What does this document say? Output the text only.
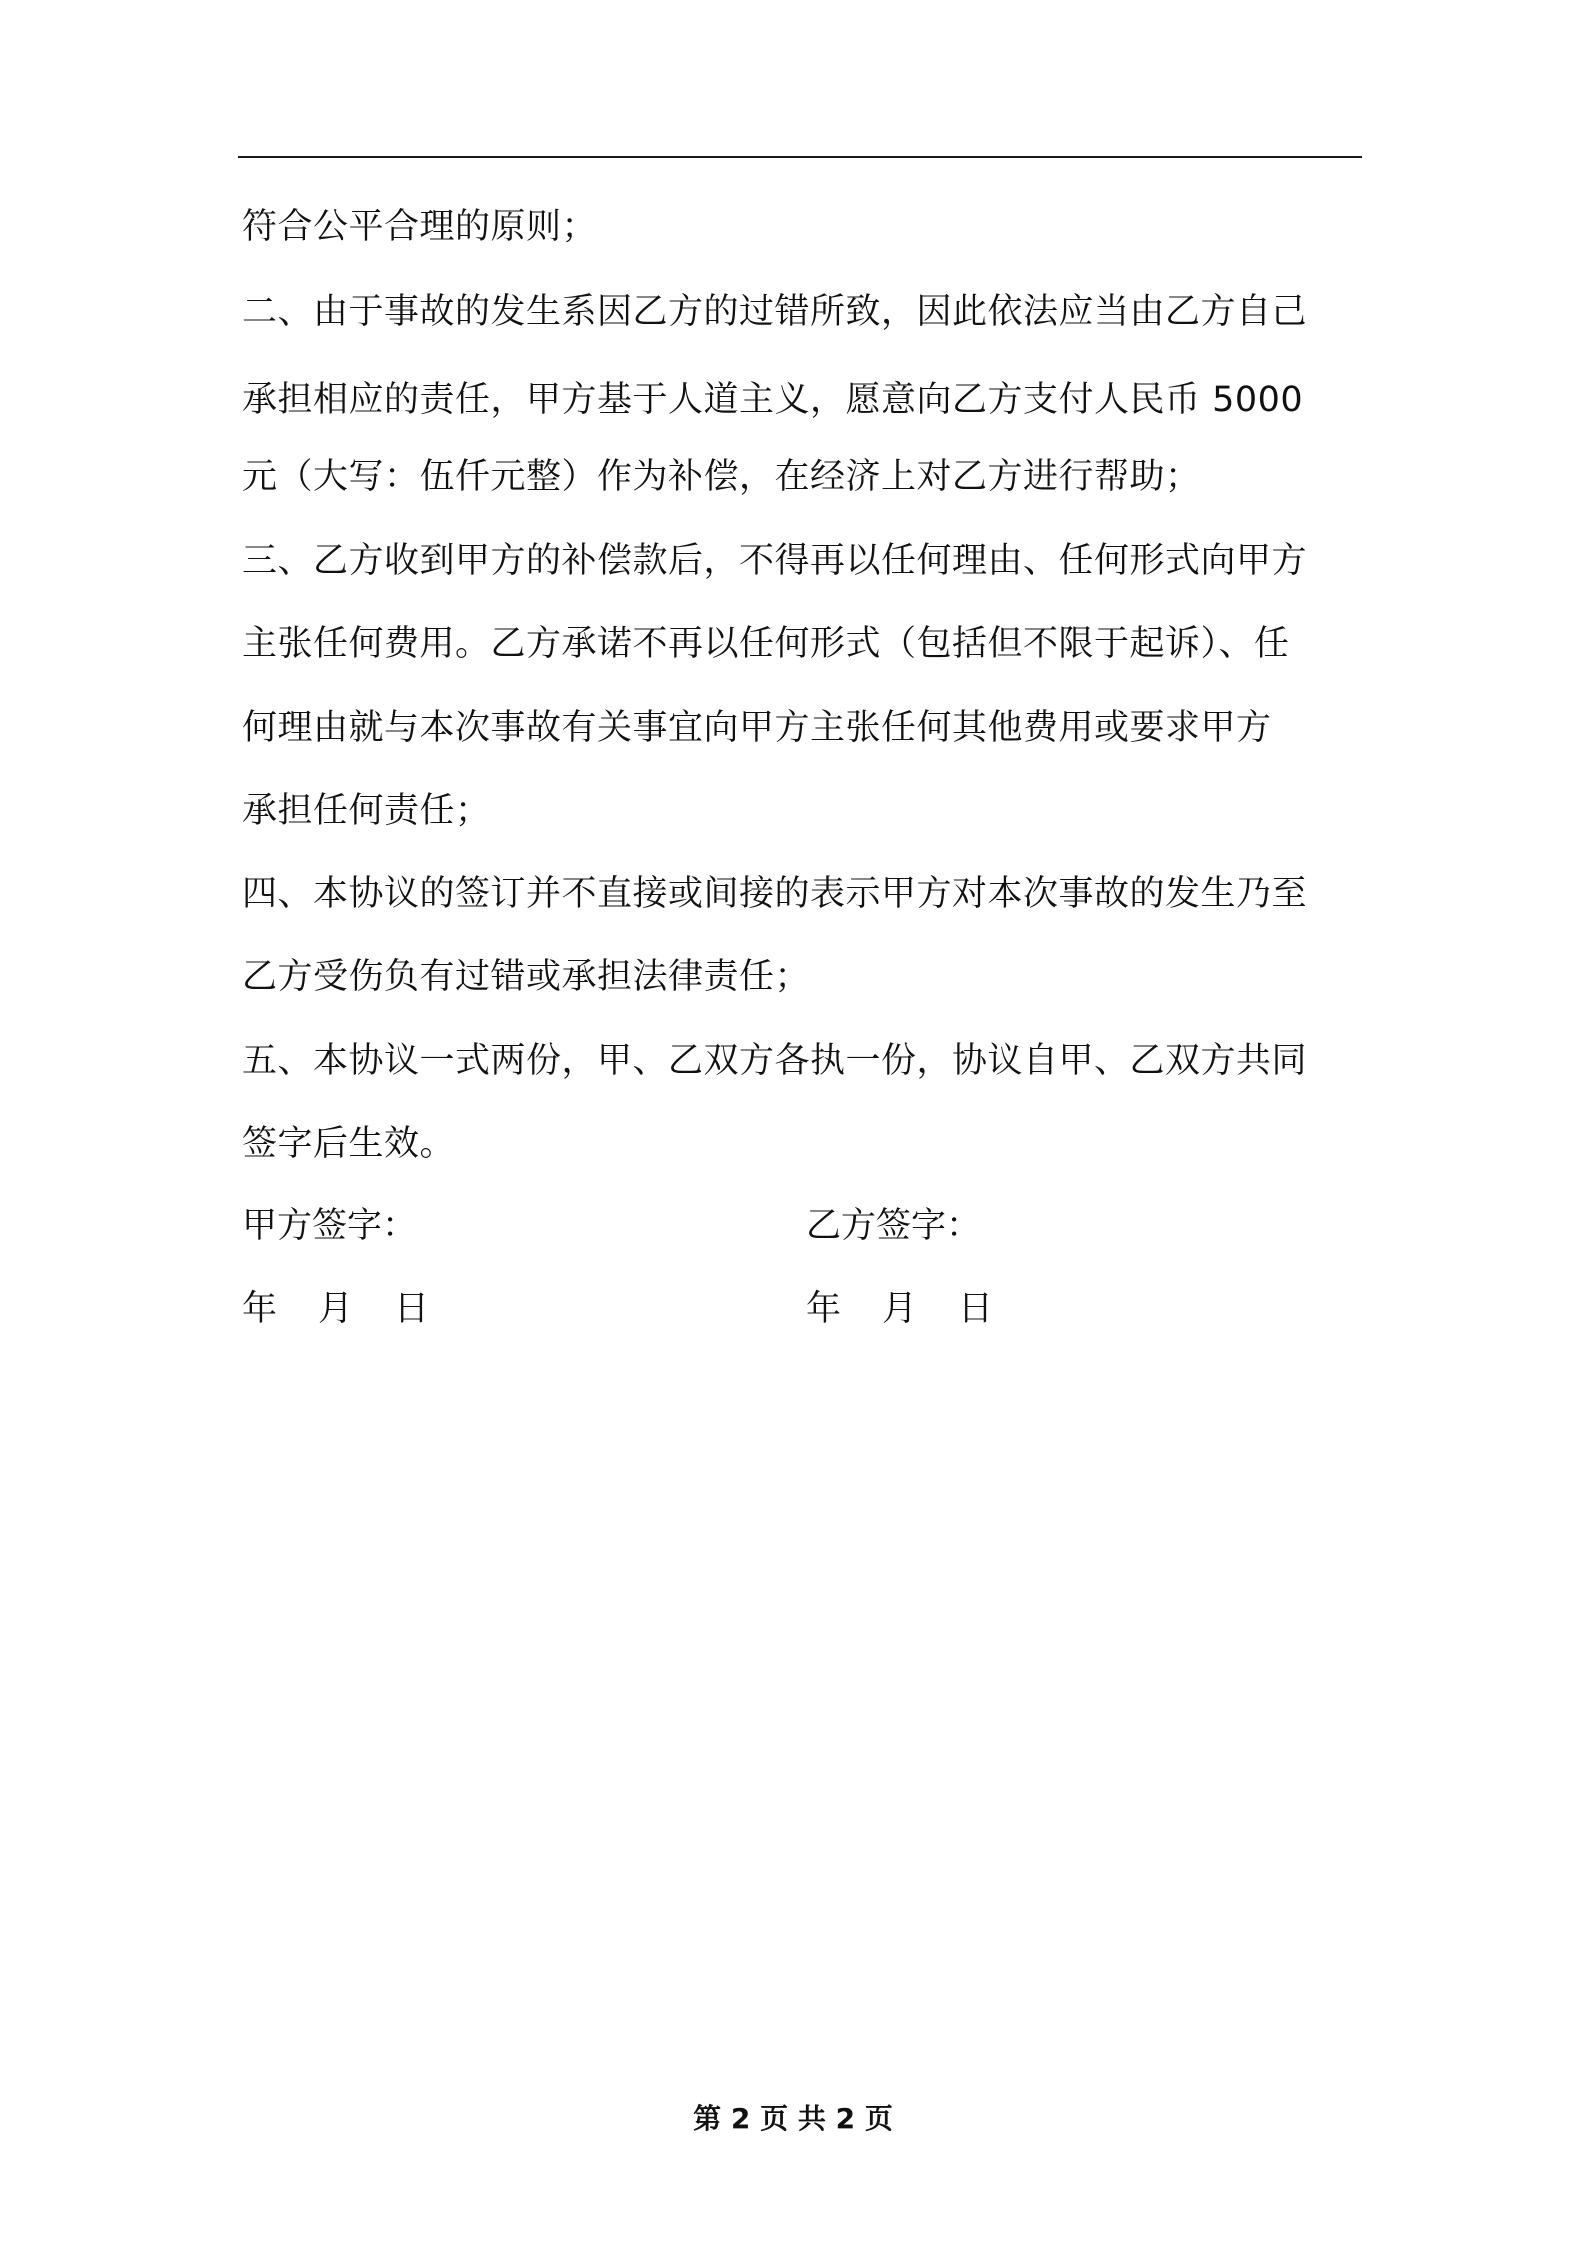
符合公平合理的原则；
二、由于事故的发生系因乙方的过错所致，因此依法应当由乙方自己
承担相应的责任，甲方基于人道主义，愿意向乙方支付人民币 5000
元（大写：伍仟元整）作为补偿，在经济上对乙方进行帮助；
三、乙方收到甲方的补偿款后，不得再以任何理由、任何形式向甲方
主张任何费用。乙方承诺不再以任何形式（包括但不限于起诉）、任
何理由就与本次事故有关事宜向甲方主张任何其他费用或要求甲方
承担任何责任；
四、本协议的签订并不直接或间接的表示甲方对本次事故的发生乃至
乙方受伤负有过错或承担法律责任；
五、本协议一式两份，甲、乙双方各执一份，协议自甲、乙双方共同
签字后生效。
甲方签字：	乙方签字：
年 月 日	年 月 日
第 2 页 共 2 页
